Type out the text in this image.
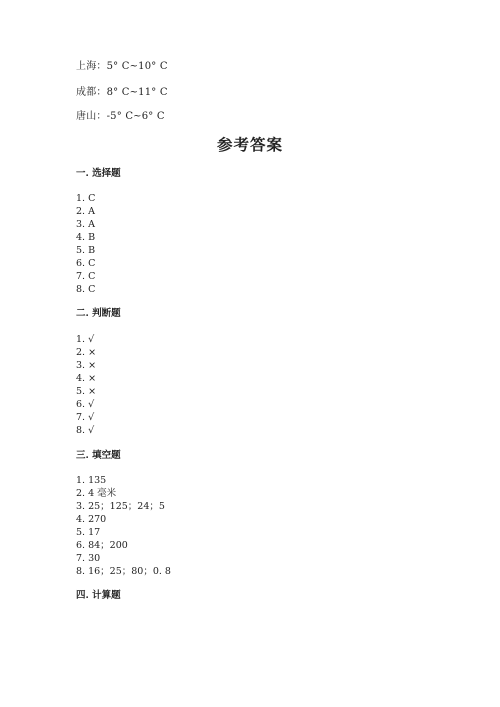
上海：5° C~10° C
成都：8° C~11° C
唐山：-5° C~6° C
参考答案
一. 选择题
1. C
2. A
3. A
4. B
5. B
6. C
7. C
8. C
二. 判断题
1. √
2. ×
3. ×
4. ×
5. ×
6. √
7. √
8. √
三. 填空题
1. 135
2. 4 毫米
3. 25；125；24；5
4. 270
5. 17
6. 84；200
7. 30
8. 16；25；80；0. 8
四. 计算题
